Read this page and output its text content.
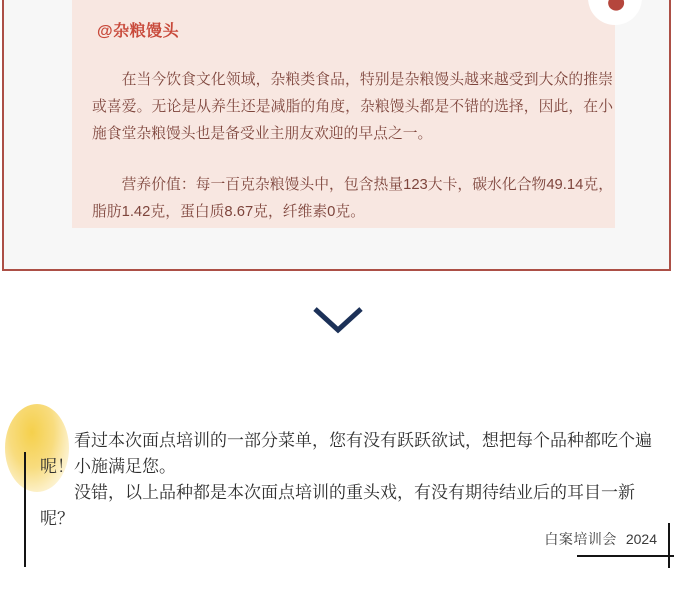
@杂粮馒头

在当今饮食文化领域，杂粮类食品，特别是杂粮馒头越来越受到大众的推崇或喜爱。无论是从养生还是减脂的角度，杂粮馒头都是不错的选择，因此，在小施食堂杂粮馒头也是备受业主朋友欢迎的早点之一。

营养价值：每一百克杂粮馒头中，包含热量123大卡，碳水化合物49.14克，脂肪1.42克，蛋白质8.67克，纤维素0克。

看过本次面点培训的一部分菜单，您有没有跃跃欲试，想把每个品种都吃个遍呢！小施满足您。

没错，以上品种都是本次面点培训的重头戏，有没有期待结业后的耳目一新呢？

白案培训会 2024
